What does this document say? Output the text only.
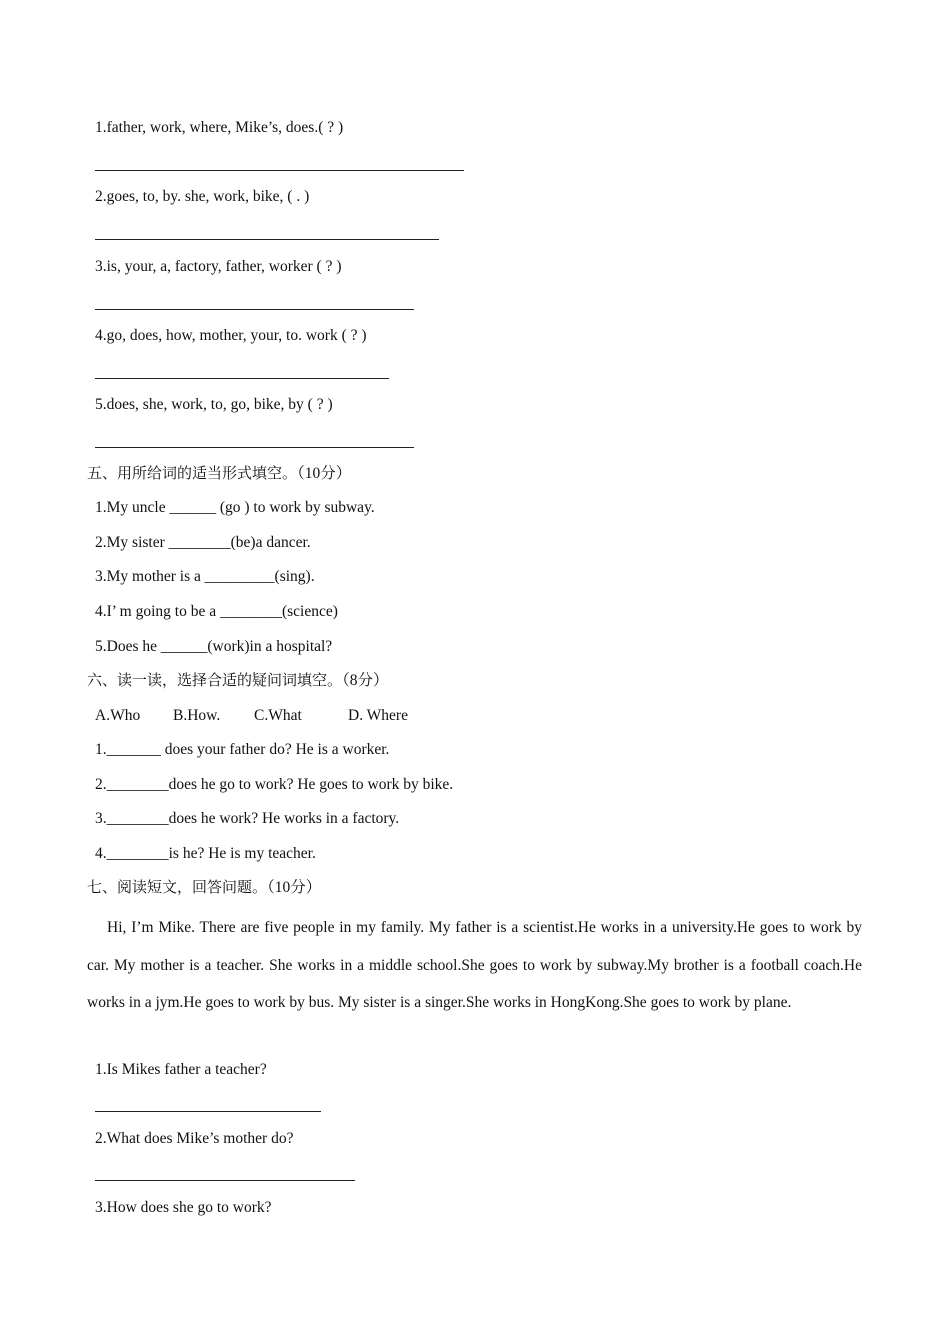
1.father, work, where, Mike’s, does.( ? )
2.goes, to, by. she, work, bike, ( . )
3.is, your, a, factory, father, worker ( ? )
4.go, does, how, mother, your, to. work ( ? )
5.does, she, work, to, go, bike, by ( ? )
五、用所给词的适当形式填空。（10分）
1.My uncle ______ (go ) to work by subway.
2.My sister ________(be)a dancer.
3.My mother is a _________(sing).
4.I’ m going to be a ________(science)
5.Does he ______(work)in a hospital?
六、读一读，选择合适的疑问词填空。（8分）
A.Who B.How. C.What	D. Where
1._______ does your father do? He is a worker.
2.________does he go to work? He goes to work by bike.
3.________does he work? He works in a factory.
4.________is he? He is my teacher.
七、阅读短文，回答问题。（10分）
Hi, I’m Mike. There are five people in my family. My father is a scientist.He works in a university.He goes to work by car. My mother is a teacher. She works in a middle school.She goes to work by subway.My brother is a football coach.He works in a jym.He goes to work by bus. My sister is a singer.She works in HongKong.She goes to work by plane.
1.Is Mikes father a teacher?
2.What does Mike’s mother do?
3.How does she go to work?
